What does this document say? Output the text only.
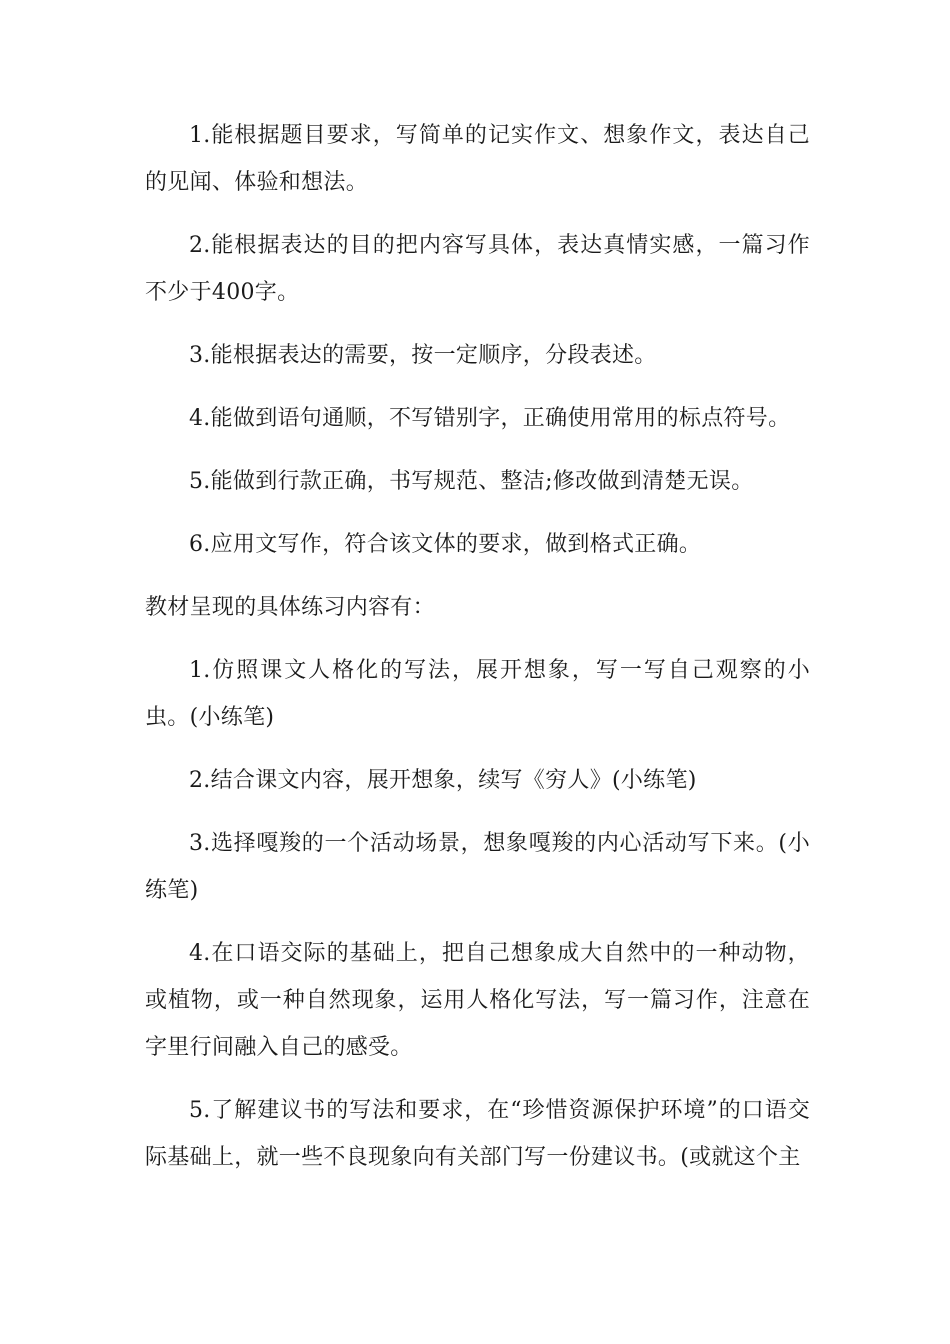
1.能根据题目要求，写简单的记实作文、想象作文，表达自己的见闻、体验和想法。

2.能根据表达的目的把内容写具体，表达真情实感，一篇习作不少于400字。

3.能根据表达的需要，按一定顺序，分段表述。

4.能做到语句通顺，不写错别字，正确使用常用的标点符号。

5.能做到行款正确，书写规范、整洁;修改做到清楚无误。

6.应用文写作，符合该文体的要求，做到格式正确。

教材呈现的具体练习内容有：

1.仿照课文人格化的写法，展开想象，写一写自己观察的小虫。(小练笔)

2.结合课文内容，展开想象，续写《穷人》(小练笔)

3.选择嘎羧的一个活动场景，想象嘎羧的内心活动写下来。(小练笔)

4.在口语交际的基础上，把自己想象成大自然中的一种动物，或植物，或一种自然现象，运用人格化写法，写一篇习作，注意在字里行间融入自己的感受。

5.了解建议书的写法和要求，在“珍惜资源保护环境”的口语交际基础上，就一些不良现象向有关部门写一份建议书。(或就这个主
